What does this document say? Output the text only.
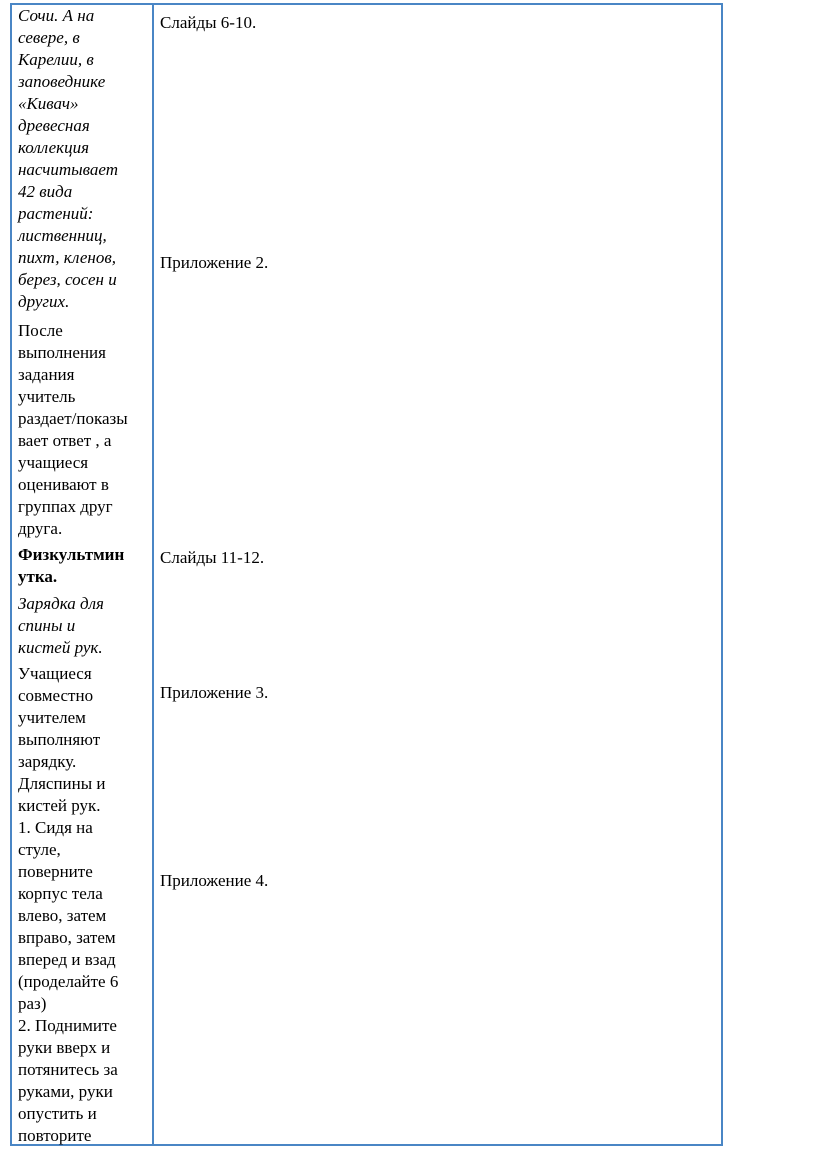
Сочи. А на
севере, в
Карелии, в
заповеднике
«Кивач»
древесная
коллекция
насчитывает
42 вида
растений:
лиственниц,
пихт, кленов,
берез, сосен и
других.

После
выполнения
задания
учитель
раздает/показы
вает ответ , а
учащиеся
оценивают в
группах друг
друга.

Физкультмин
утка.

Зарядка для
спины и
кистей рук.

Учащиеся
совместно
учителем
выполняют
зарядку.
Дляспины и
кистей рук.
1. Сидя на
стуле,
поверните
корпус тела
влево, затем
вправо, затем
вперед и взад
(проделайте 6
раз)
2. Поднимите
руки вверх и
потянитесь за
руками, руки
опустить и
повторите

Слайды 6-10.

Приложение 2.

Слайды 11-12.

Приложение 3.

Приложение 4.
